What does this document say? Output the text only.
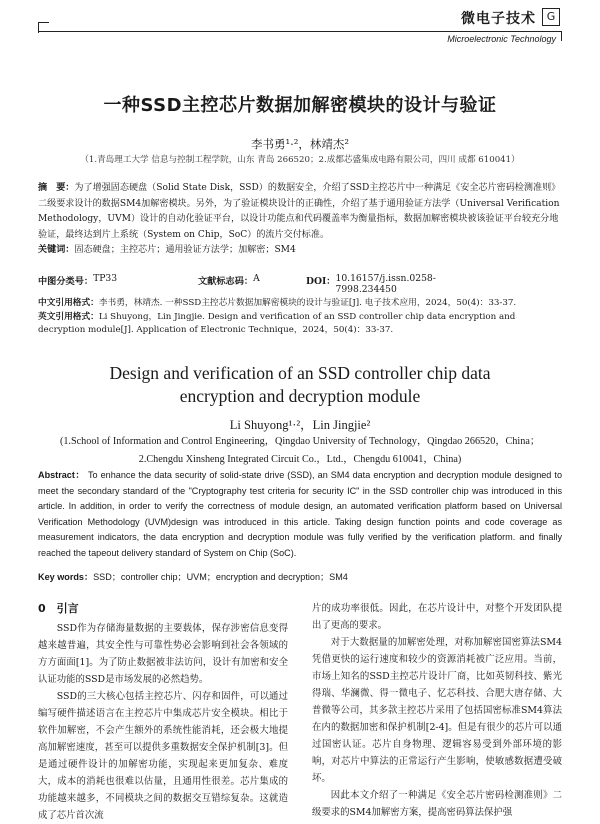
微电子技术 G
Microelectronic Technology
一种SSD主控芯片数据加解密模块的设计与验证
李书勇¹·²，林靖杰²
（1.青岛理工大学 信息与控制工程学院，山东 青岛 266520；2.成都芯盛集成电路有限公司，四川 成都 610041）
摘　要：为了增强固态硬盘（Solid State Disk，SSD）的数据安全，介绍了SSD主控芯片中一种满足《安全芯片密码检测准则》二级要求设计的数据SM4加解密模块。另外，为了验证模块设计的正确性，介绍了基于通用验证方法学（Universal Verification Methodology，UVM）设计的自动化验证平台，以设计功能点和代码覆盖率为衡量指标，数据加解密模块被该验证平台较充分地验证，最终达到片上系统（System on Chip，SoC）的流片交付标准。
关键词：固态硬盘；主控芯片；通用验证方法学；加解密；SM4
中图分类号： TP33	文献标志码： A	DOI： 10.16157/j.issn.0258-7998.234450
中文引用格式：李书勇，林靖杰. 一种SSD主控芯片数据加解密模块的设计与验证[J]. 电子技术应用，2024，50(4)：33-37.
英文引用格式：Li Shuyong，Lin Jingjie. Design and verification of an SSD controller chip data encryption and decryption module[J]. Application of Electronic Technique，2024，50(4)：33-37.
Design and verification of an SSD controller chip data
encryption and decryption module
Li Shuyong¹·²，Lin Jingjie²
(1.School of Information and Control Engineering，Qingdao University of Technology，Qingdao 266520，China；
2.Chengdu Xinsheng Integrated Circuit Co.，Ltd.，Chengdu 610041，China)
Abstract： To enhance the data security of solid-state drive (SSD), an SM4 data encryption and decryption module designed to meet the secondary standard of the "Cryptography test criteria for security IC" in the SSD controller chip was introduced in this article. In addition, in order to verify the correctness of module design, an automated verification platform based on Universal Verification Methodology (UVM)design was introduced in this article. Taking design function points and code coverage as measurement indicators, the data encryption and decryption module was fully verified by the verification platform. and finally reached the tapeout delivery standard of System on Chip (SoC).
Key words：SSD；controller chip；UVM；encryption and decryption；SM4
0　引言

SSD作为存储海量数据的主要载体，保存涉密信息变得越来越普遍，其安全性与可靠性势必会影响到社会各领域的方方面面[1]。为了防止数据被非法访问，设计有加密和安全认证功能的SSD是市场发展的必然趋势。

SSD的三大核心包括主控芯片、闪存和固件，可以通过编写硬件描述语言在主控芯片中集成芯片安全模块。相比于软件加解密，不会产生额外的系统性能消耗，还会极大地提高加解密速度，甚至可以提供多重数据安全保护机制[3]。但是通过硬件设计的加解密功能，实现起来更加复杂、难度大，成本的消耗也很难以估量，且通用性很差。芯片集成的功能越来越多，不同模块之间的数据交互错综复杂。这就造成了芯片首次流

片的成功率很低。因此，在芯片设计中，对整个开发团队提出了更高的要求。

对于大数据量的加解密处理，对称加解密国密算法SM4凭借更快的运行速度和较少的资源消耗被广泛应用。当前，市场上知名的SSD主控芯片设计厂商，比如英韧科技、紫光得瑞、华澜微、得一微电子、忆芯科技、合肥大唐存储、大普微等公司，其多款主控芯片采用了包括国密标准SM4算法在内的数据加密和保护机制[2-4]。但是有很少的芯片可以通过国密认证。芯片自身物理、逻辑容易受到外部环境的影响，对芯片中算法的正常运行产生影响，使敏感数据遭受破坏。

因此本文介绍了一种满足《安全芯片密码检测准则》二级要求的SM4加解密方案，提高密码算法保护强
